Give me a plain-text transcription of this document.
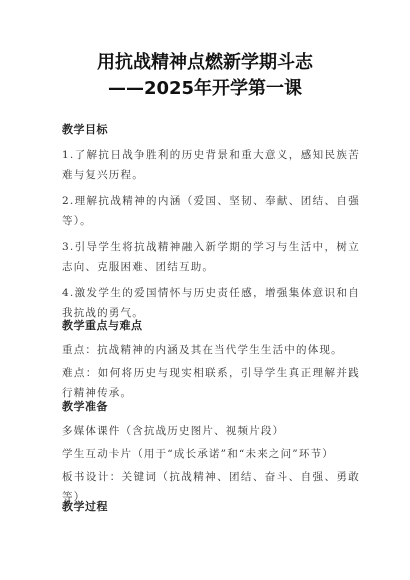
用抗战精神点燃新学期斗志
——2025年开学第一课

教学目标

1.了解抗日战争胜利的历史背景和重大意义，感知民族苦难与复兴历程。

2.理解抗战精神的内涵（爱国、坚韧、奉献、团结、自强等）。

3.引导学生将抗战精神融入新学期的学习与生活中，树立志向、克服困难、团结互助。

4.激发学生的爱国情怀与历史责任感，增强集体意识和自我抗战的勇气。

教学重点与难点

重点：抗战精神的内涵及其在当代学生生活中的体现。

难点：如何将历史与现实相联系，引导学生真正理解并践行精神传承。

教学准备

多媒体课件（含抗战历史图片、视频片段）

学生互动卡片（用于“成长承诺”和“未来之问”环节）

板书设计：关键词（抗战精神、团结、奋斗、自强、勇敢等）

教学过程
